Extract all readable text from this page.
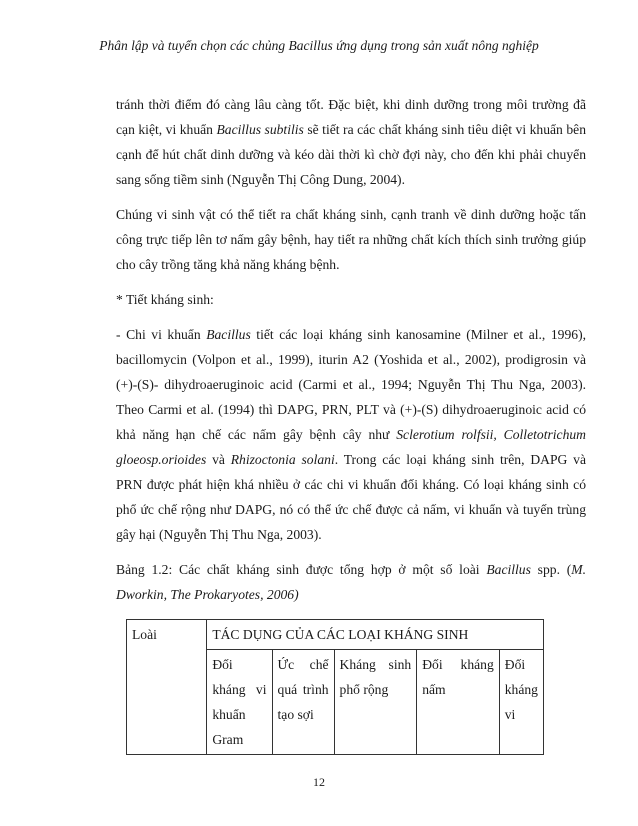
Phân lập và tuyển chọn các chủng Bacillus ứng dụng trong sản xuất nông nghiệp

tránh thời điểm đó càng lâu càng tốt. Đặc biệt, khi dinh dưỡng trong môi trường đã cạn kiệt, vi khuẩn Bacillus subtilis sẽ tiết ra các chất kháng sinh tiêu diệt vi khuẩn bên cạnh để hút chất dinh dưỡng và kéo dài thời kì chờ đợi này, cho đến khi phải chuyển sang sống tiềm sinh (Nguyễn Thị Công Dung, 2004).

Chúng vi sinh vật có thể tiết ra chất kháng sinh, cạnh tranh về dinh dưỡng hoặc tấn công trực tiếp lên tơ nấm gây bệnh, hay tiết ra những chất kích thích sinh trưởng giúp cho cây trồng tăng khả năng kháng bệnh.

* Tiết kháng sinh:

- Chi vi khuẩn Bacillus tiết các loại kháng sinh kanosamine (Milner et al., 1996), bacillomycin (Volpon et al., 1999), iturin A2 (Yoshida et al., 2002), prodigrosin và (+)-(S)- dihydroaeruginoic acid (Carmi et al., 1994; Nguyễn Thị Thu Nga, 2003). Theo Carmi et al. (1994) thì DAPG, PRN, PLT và (+)-(S) dihydroaeruginoic acid có khả năng hạn chế các nấm gây bệnh cây như Sclerotium rolfsii, Colletotrichum gloeosp.orioides và Rhizoctonia solani. Trong các loại kháng sinh trên, DAPG và PRN được phát hiện khá nhiều ở các chi vi khuẩn đối kháng. Có loại kháng sinh có phổ ức chế rộng như DAPG, nó có thể ức chế được cả nấm, vi khuẩn và tuyến trùng gây hại (Nguyễn Thị Thu Nga, 2003).

Bảng 1.2: Các chất kháng sinh được tổng hợp ở một số loài Bacillus spp. (M. Dworkin, The Prokaryotes, 2006)

Loài	TÁC DỤNG CỦA CÁC LOẠI KHÁNG SINH				
	Đối kháng vi khuẩn Gram	Ức chế quá trình tạo sợi	Kháng sinh phổ rộng	Đối kháng nấm	Đối kháng vi
12
